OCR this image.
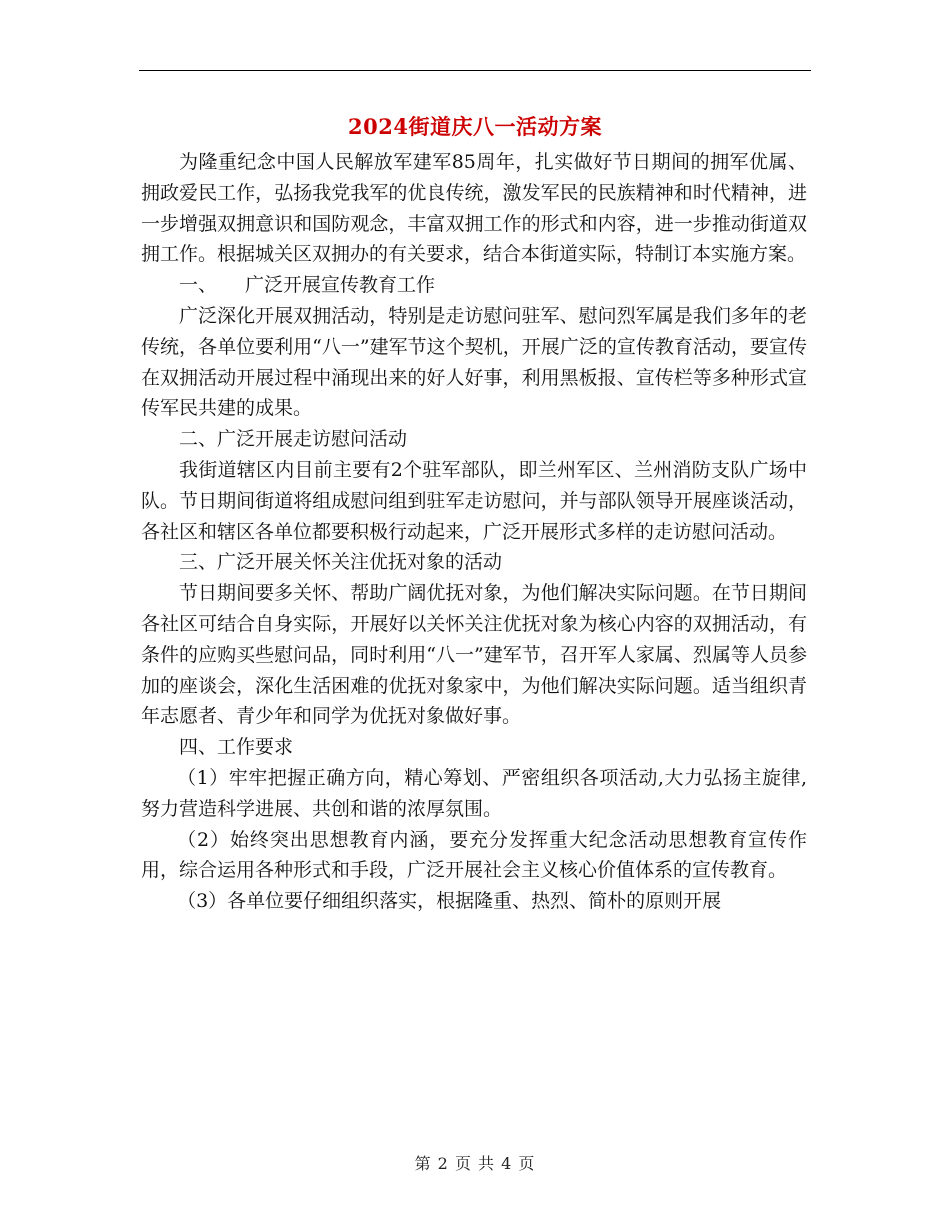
2024街道庆八一活动方案

为隆重纪念中国人民解放军建军85周年，扎实做好节日期间的拥军优属、拥政爱民工作，弘扬我党我军的优良传统，激发军民的民族精神和时代精神，进一步增强双拥意识和国防观念，丰富双拥工作的形式和内容，进一步推动街道双拥工作。根据城关区双拥办的有关要求，结合本街道实际，特制订本实施方案。

一、 广泛开展宣传教育工作

广泛深化开展双拥活动，特别是走访慰问驻军、慰问烈军属是我们多年的老传统，各单位要利用“八一”建军节这个契机，开展广泛的宣传教育活动，要宣传在双拥活动开展过程中涌现出来的好人好事，利用黑板报、宣传栏等多种形式宣传军民共建的成果。

二、广泛开展走访慰问活动

我街道辖区内目前主要有2个驻军部队，即兰州军区、兰州消防支队广场中队。节日期间街道将组成慰问组到驻军走访慰问，并与部队领导开展座谈活动，各社区和辖区各单位都要积极行动起来，广泛开展形式多样的走访慰问活动。

三、广泛开展关怀关注优抚对象的活动

节日期间要多关怀、帮助广阔优抚对象，为他们解决实际问题。在节日期间各社区可结合自身实际，开展好以关怀关注优抚对象为核心内容的双拥活动，有条件的应购买些慰问品，同时利用“八一”建军节，召开军人家属、烈属等人员参加的座谈会，深化生活困难的优抚对象家中，为他们解决实际问题。适当组织青年志愿者、青少年和同学为优抚对象做好事。

四、工作要求

（1）牢牢把握正确方向，精心筹划、严密组织各项活动,大力弘扬主旋律,努力营造科学进展、共创和谐的浓厚氛围。

（2）始终突出思想教育内涵，要充分发挥重大纪念活动思想教育宣传作用，综合运用各种形式和手段，广泛开展社会主义核心价值体系的宣传教育。

（3）各单位要仔细组织落实，根据隆重、热烈、简朴的原则开展

第 2 页 共 4 页
